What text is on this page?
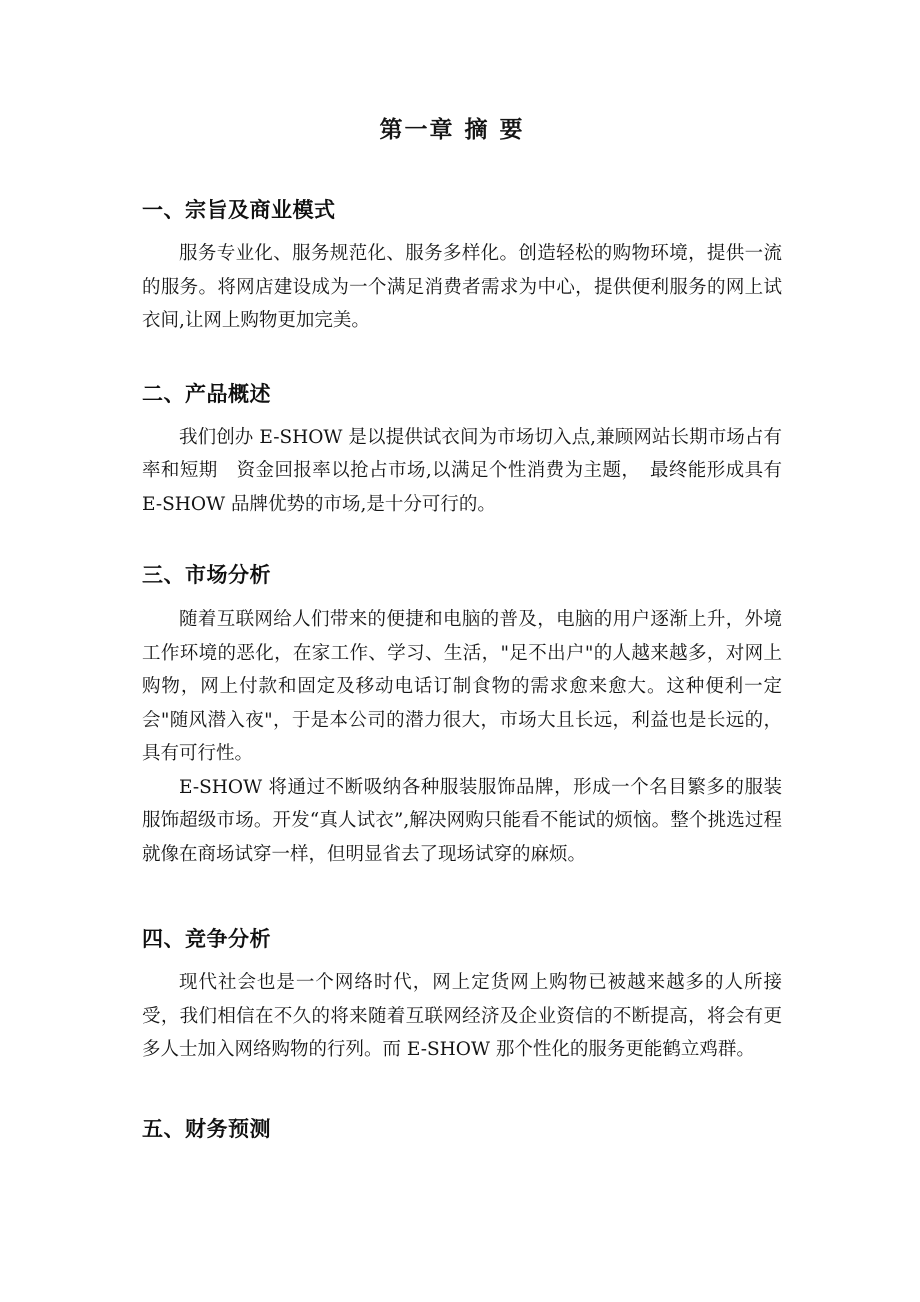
第一章 摘 要
一、宗旨及商业模式

服务专业化、服务规范化、服务多样化。创造轻松的购物环境，提供一流的服务。将网店建设成为一个满足消费者需求为中心，提供便利服务的网上试衣间,让网上购物更加完美。

二、产品概述

我们创办 E-SHOW 是以提供试衣间为市场切入点,兼顾网站长期市场占有率和短期　资金回报率以抢占市场,以满足个性消费为主题，　最终能形成具有 E-SHOW 品牌优势的市场,是十分可行的。

三、市场分析

随着互联网给人们带来的便捷和电脑的普及，电脑的用户逐渐上升，外境工作环境的恶化，在家工作、学习、生活，"足不出户"的人越来越多，对网上购物，网上付款和固定及移动电话订制食物的需求愈来愈大。这种便利一定会"随风潜入夜"，于是本公司的潜力很大，市场大且长远，利益也是长远的，具有可行性。

E-SHOW 将通过不断吸纳各种服装服饰品牌，形成一个名目繁多的服装服饰超级市场。开发“真人试衣”,解决网购只能看不能试的烦恼。整个挑选过程就像在商场试穿一样，但明显省去了现场试穿的麻烦。

四、竞争分析

现代社会也是一个网络时代，网上定货网上购物已被越来越多的人所接受，我们相信在不久的将来随着互联网经济及企业资信的不断提高，将会有更多人士加入网络购物的行列。而 E-SHOW 那个性化的服务更能鹤立鸡群。

五、财务预测
